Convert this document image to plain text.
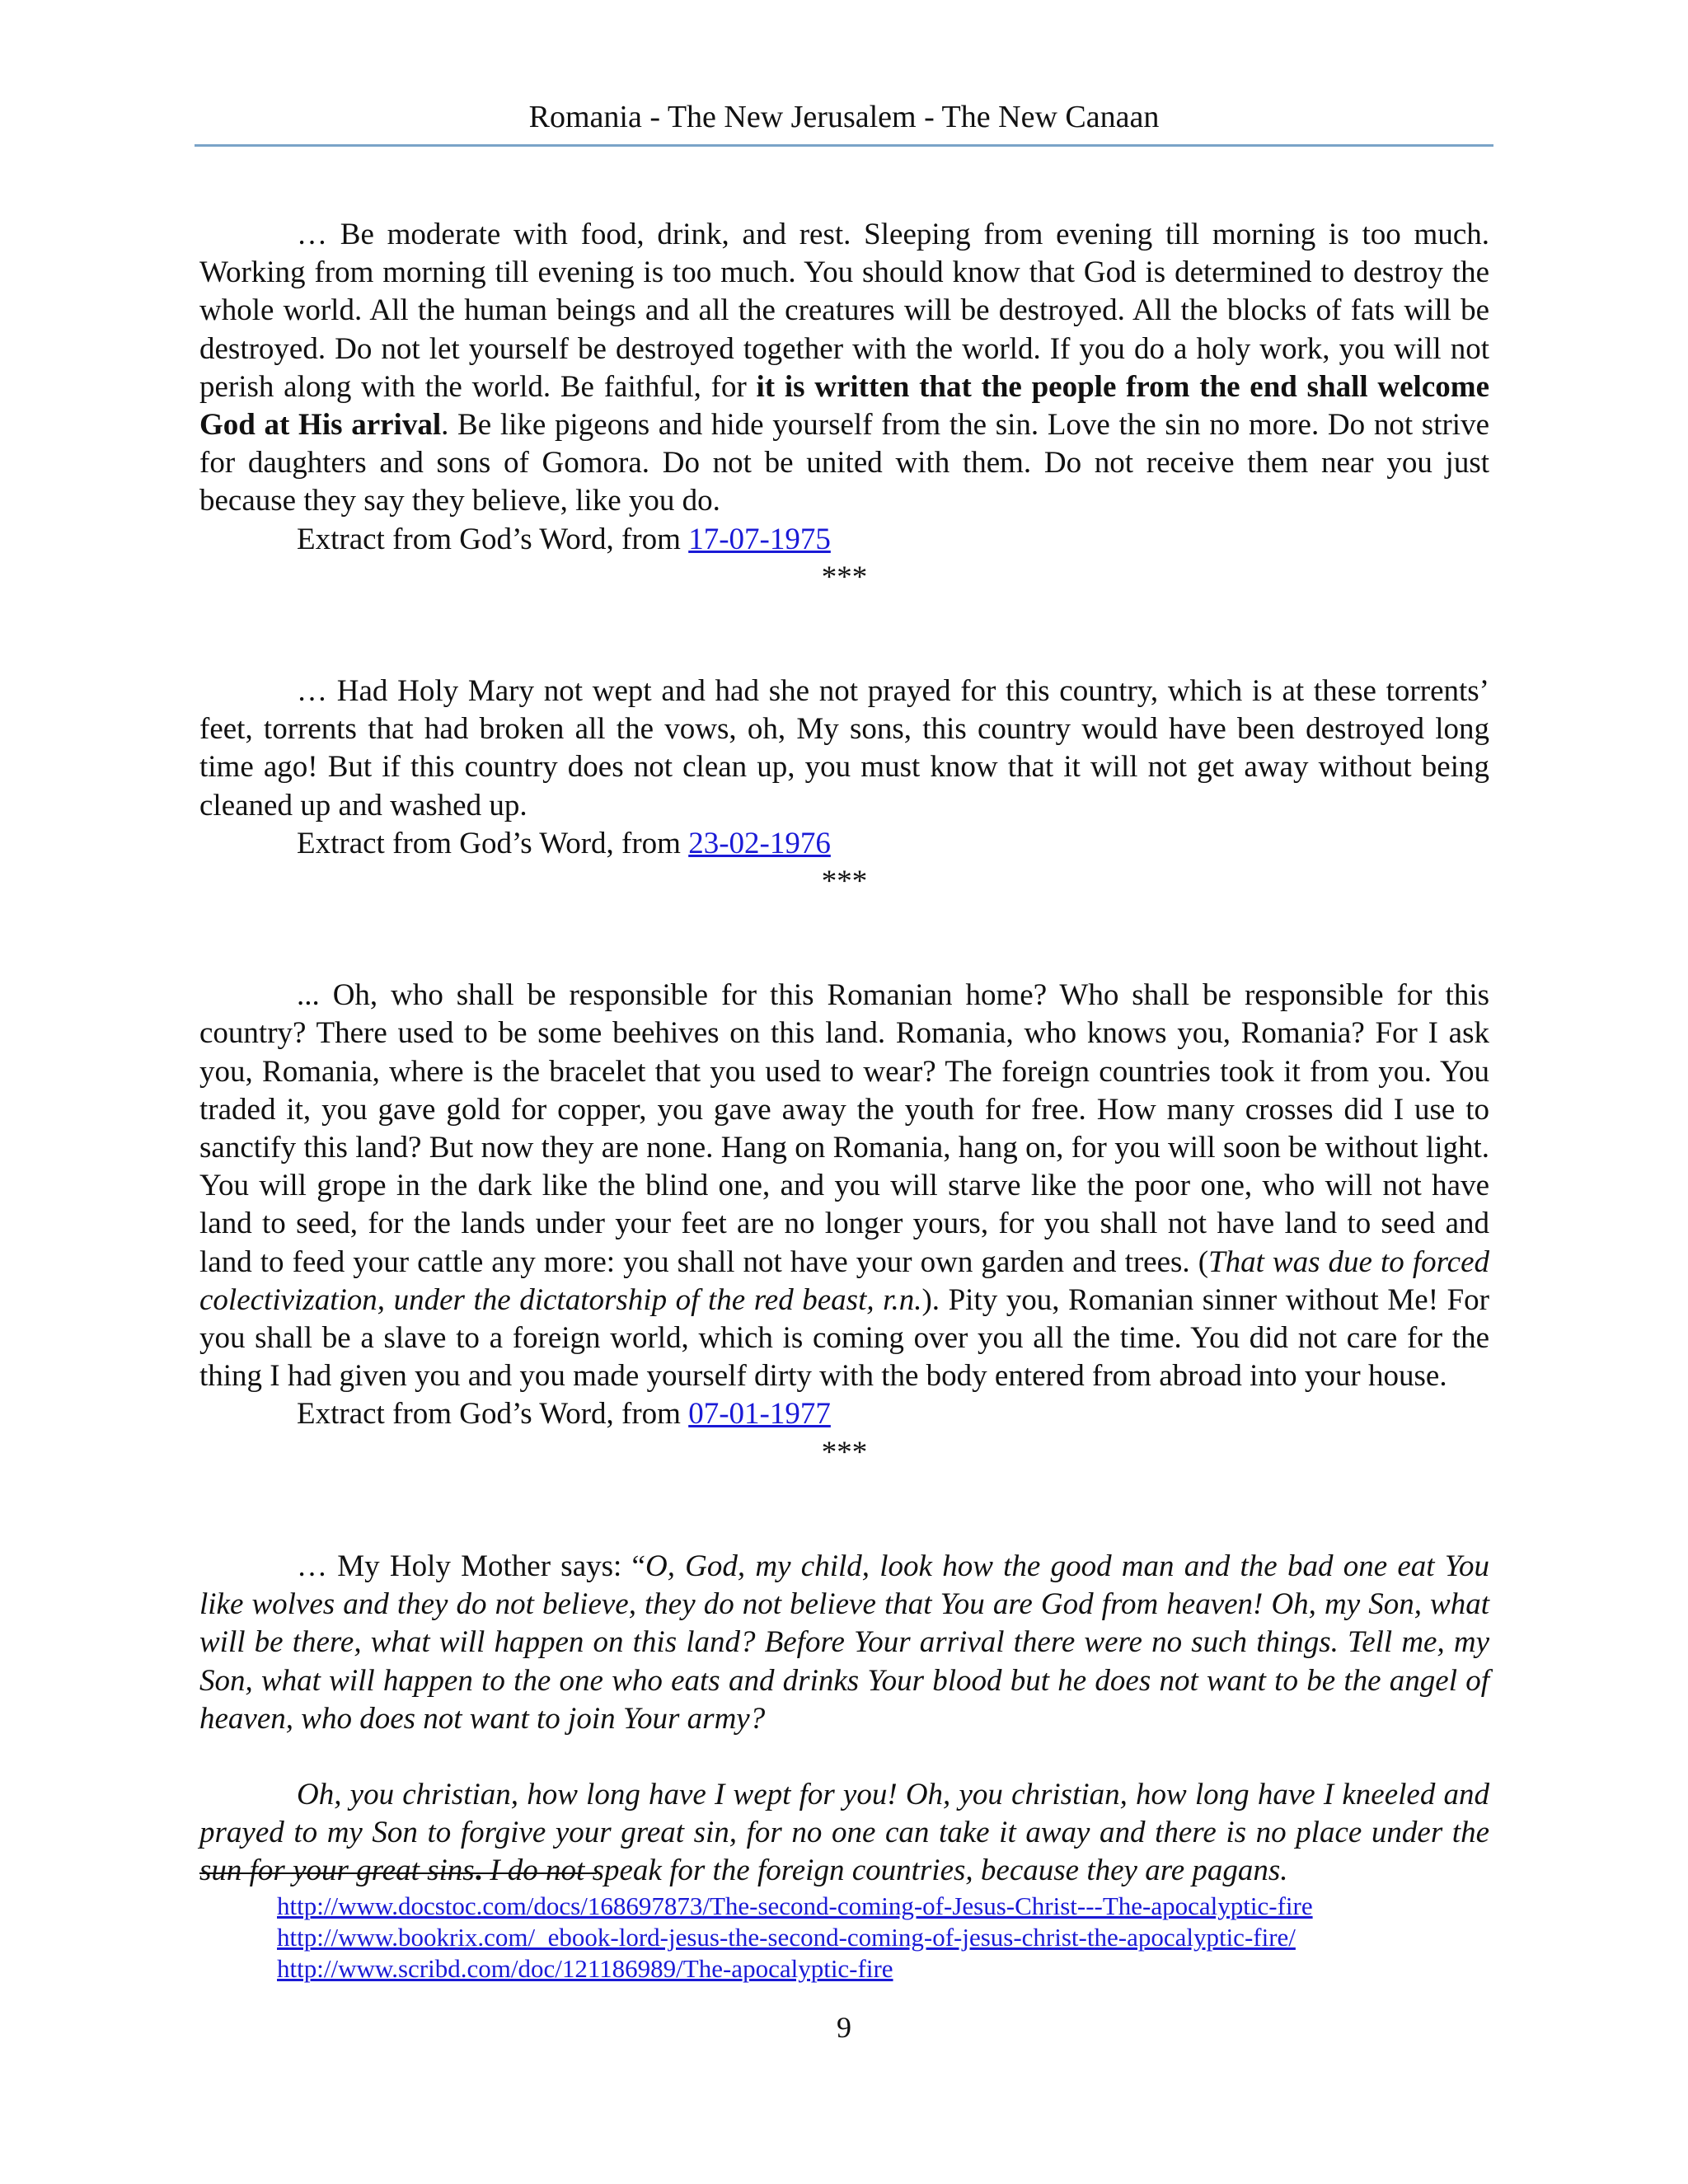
Romania - The New Jerusalem - The New Canaan

… Be moderate with food, drink, and rest. Sleeping from evening till morning is too much. Working from morning till evening is too much. You should know that God is determined to destroy the whole world. All the human beings and all the creatures will be destroyed. All the blocks of fats will be destroyed. Do not let yourself be destroyed together with the world. If you do a holy work, you will not perish along with the world. Be faithful, for it is written that the people from the end shall welcome God at His arrival. Be like pigeons and hide yourself from the sin. Love the sin no more. Do not strive for daughters and sons of Gomora. Do not be united with them. Do not receive them near you just because they say they believe, like you do.

Extract from God’s Word, from 17-07-1975

***

… Had Holy Mary not wept and had she not prayed for this country, which is at these torrents’ feet, torrents that had broken all the vows, oh, My sons, this country would have been destroyed long time ago! But if this country does not clean up, you must know that it will not get away without being cleaned up and washed up.

Extract from God’s Word, from 23-02-1976

***

... Oh, who shall be responsible for this Romanian home? Who shall be responsible for this country? There used to be some beehives on this land. Romania, who knows you, Romania? For I ask you, Romania, where is the bracelet that you used to wear? The foreign countries took it from you. You traded it, you gave gold for copper, you gave away the youth for free. How many crosses did I use to sanctify this land? But now they are none. Hang on Romania, hang on, for you will soon be without light. You will grope in the dark like the blind one, and you will starve like the poor one, who will not have land to seed, for the lands under your feet are no longer yours, for you shall not have land to seed and land to feed your cattle any more: you shall not have your own garden and trees. (That was due to forced colectivization, under the dictatorship of the red beast, r.n.). Pity you, Romanian sinner without Me! For you shall be a slave to a foreign world, which is coming over you all the time. You did not care for the thing I had given you and you made yourself dirty with the body entered from abroad into your house.

Extract from God’s Word, from 07-01-1977

***

… My Holy Mother says: “O, God, my child, look how the good man and the bad one eat You like wolves and they do not believe, they do not believe that You are God from heaven! Oh, my Son, what will be there, what will happen on this land? Before Your arrival there were no such things. Tell me, my Son, what will happen to the one who eats and drinks Your blood but he does not want to be the angel of heaven, who does not want to join Your army?

Oh, you christian, how long have I wept for you! Oh, you christian, how long have I kneeled and prayed to my Son to forgive your great sin, for no one can take it away and there is no place under the sun for your great sins. I do not speak for the foreign countries, because they are pagans.

http://www.docstoc.com/docs/168697873/The-second-coming-of-Jesus-Christ---The-apocalyptic-fire
http://www.bookrix.com/_ebook-lord-jesus-the-second-coming-of-jesus-christ-the-apocalyptic-fire/
http://www.scribd.com/doc/121186989/The-apocalyptic-fire
9
